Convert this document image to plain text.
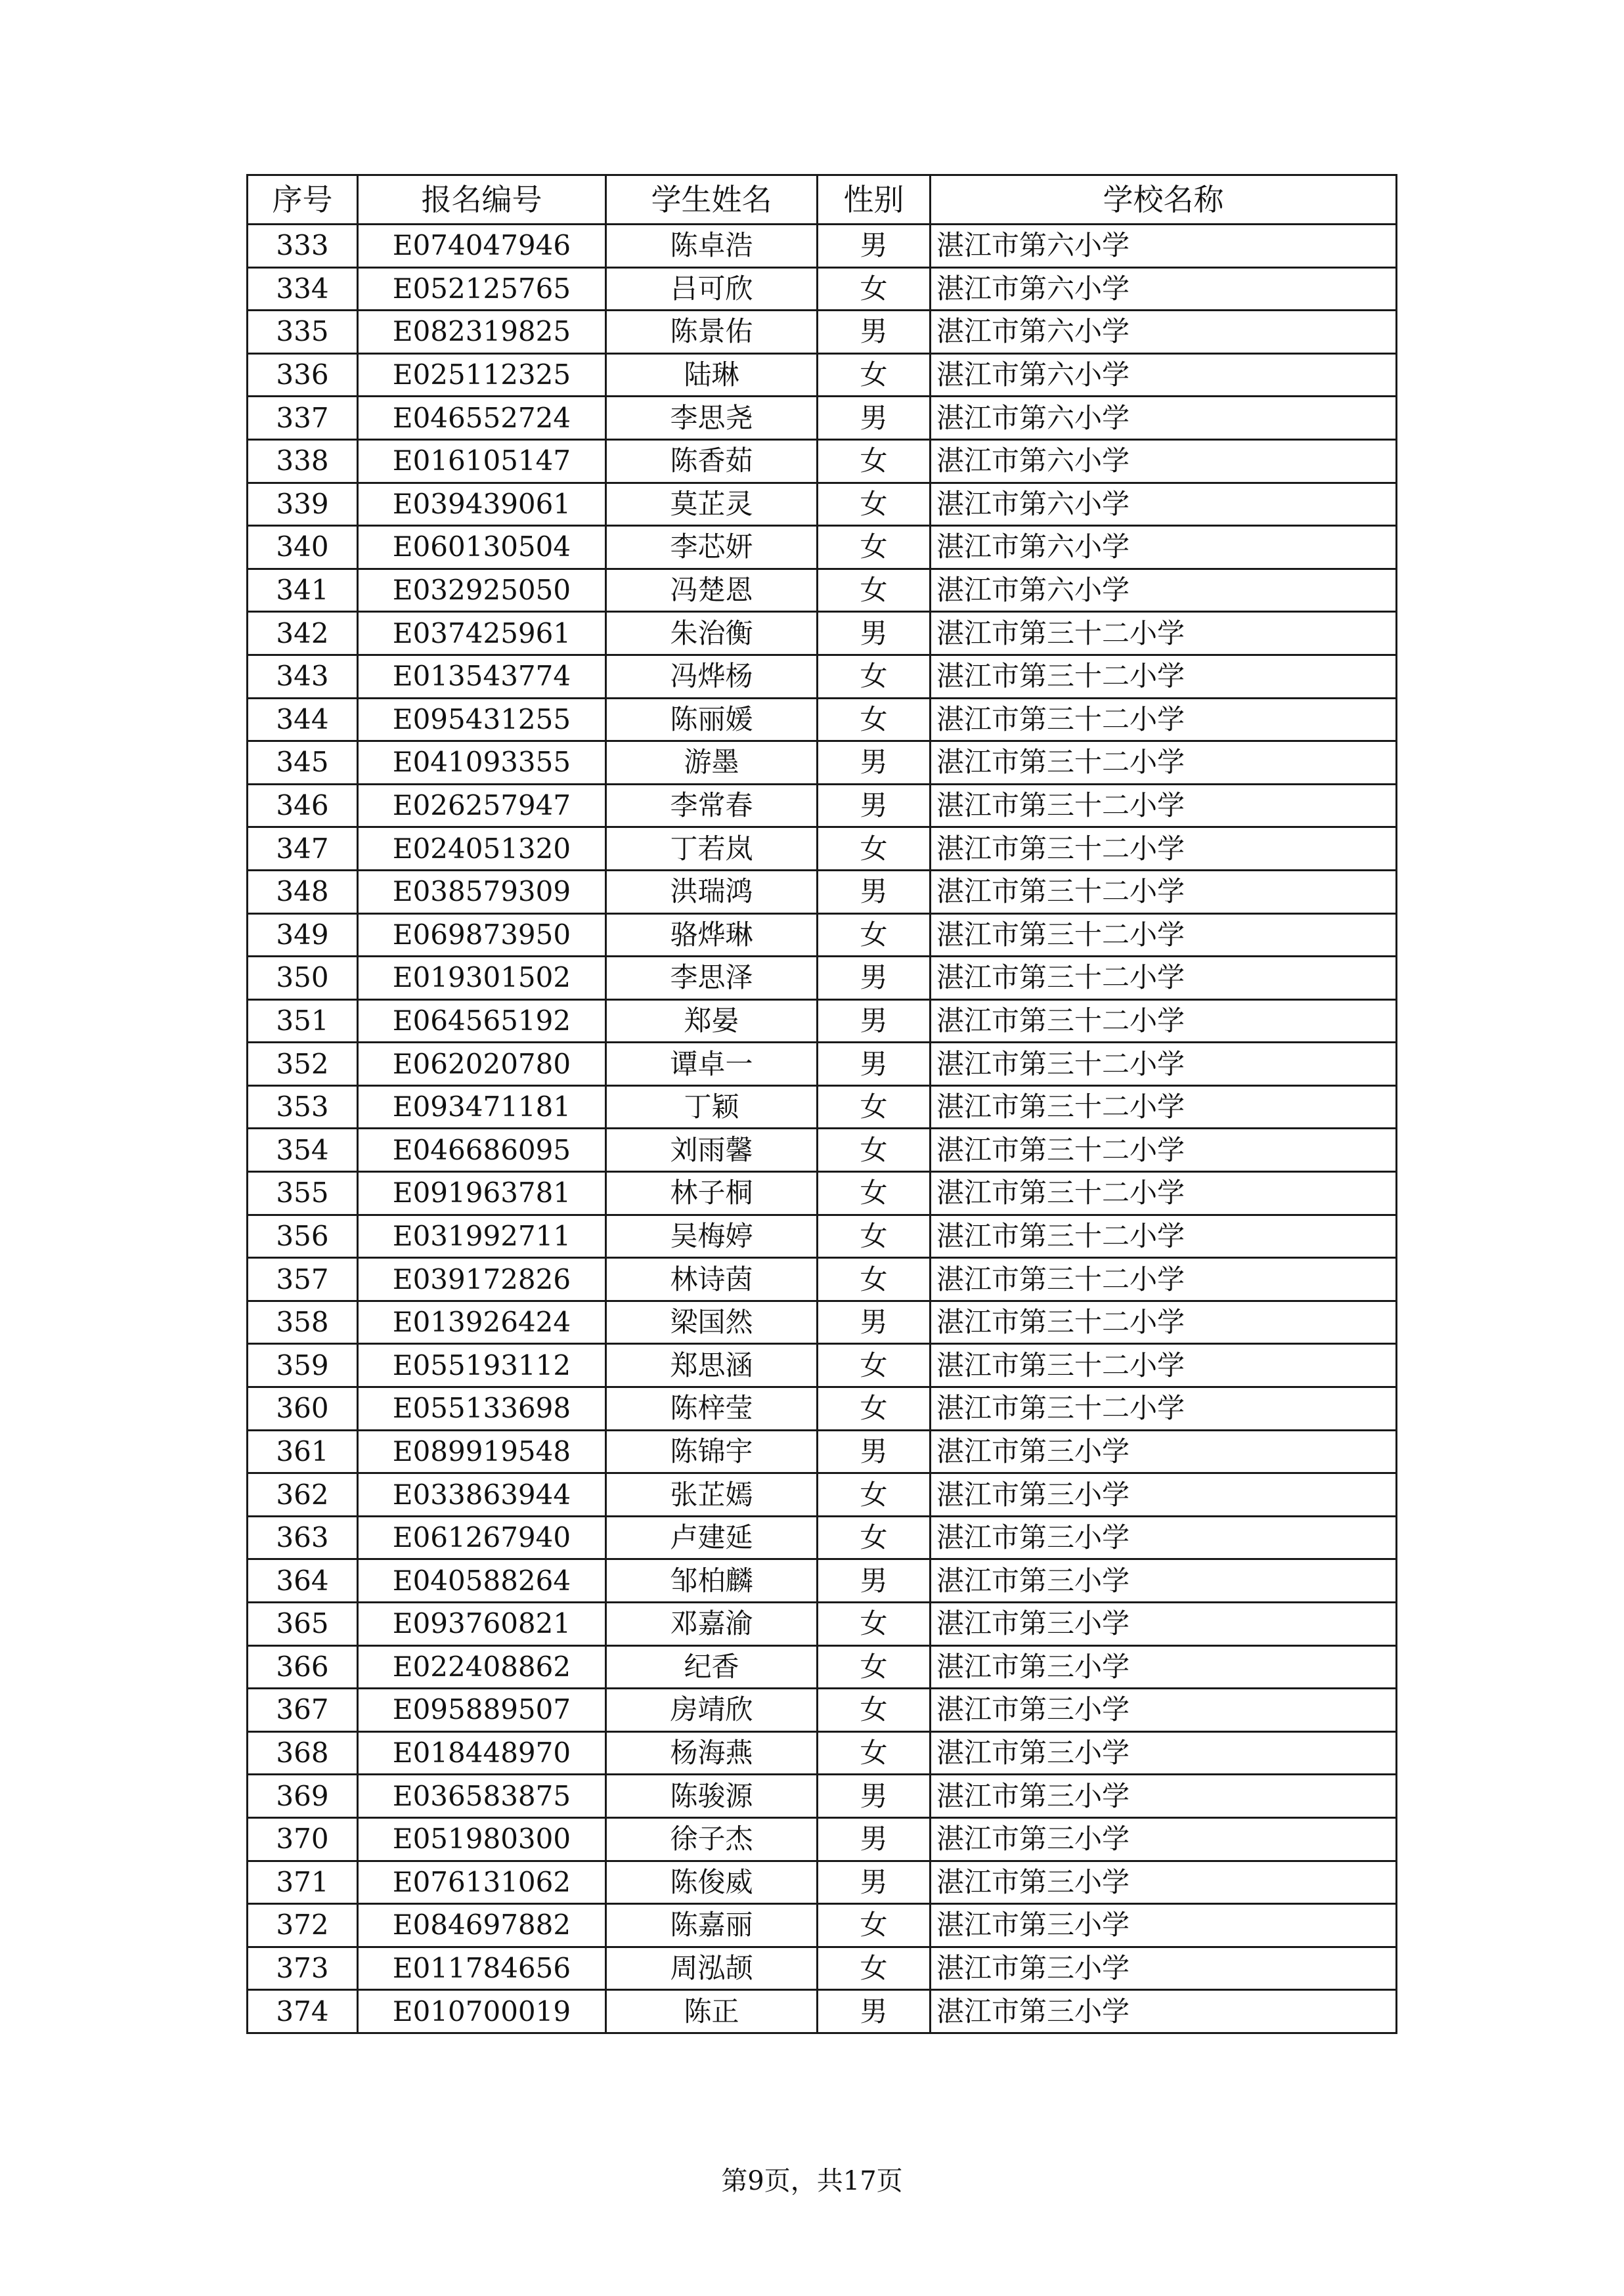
序号	报名编号	学生姓名	性别	学校名称
333	E074047946	陈卓浩	男	湛江市第六小学
334	E052125765	吕可欣	女	湛江市第六小学
335	E082319825	陈景佑	男	湛江市第六小学
336	E025112325	陆琳	女	湛江市第六小学
337	E046552724	李思尧	男	湛江市第六小学
338	E016105147	陈香茹	女	湛江市第六小学
339	E039439061	莫芷灵	女	湛江市第六小学
340	E060130504	李芯妍	女	湛江市第六小学
341	E032925050	冯楚恩	女	湛江市第六小学
342	E037425961	朱治衡	男	湛江市第三十二小学
343	E013543774	冯烨杨	女	湛江市第三十二小学
344	E095431255	陈丽媛	女	湛江市第三十二小学
345	E041093355	游墨	男	湛江市第三十二小学
346	E026257947	李常春	男	湛江市第三十二小学
347	E024051320	丁若岚	女	湛江市第三十二小学
348	E038579309	洪瑞鸿	男	湛江市第三十二小学
349	E069873950	骆烨琳	女	湛江市第三十二小学
350	E019301502	李思泽	男	湛江市第三十二小学
351	E064565192	郑晏	男	湛江市第三十二小学
352	E062020780	谭卓一	男	湛江市第三十二小学
353	E093471181	丁颖	女	湛江市第三十二小学
354	E046686095	刘雨馨	女	湛江市第三十二小学
355	E091963781	林子桐	女	湛江市第三十二小学
356	E031992711	吴梅婷	女	湛江市第三十二小学
357	E039172826	林诗茵	女	湛江市第三十二小学
358	E013926424	梁国然	男	湛江市第三十二小学
359	E055193112	郑思涵	女	湛江市第三十二小学
360	E055133698	陈梓莹	女	湛江市第三十二小学
361	E089919548	陈锦宇	男	湛江市第三小学
362	E033863944	张芷嫣	女	湛江市第三小学
363	E061267940	卢建延	女	湛江市第三小学
364	E040588264	邹柏麟	男	湛江市第三小学
365	E093760821	邓嘉渝	女	湛江市第三小学
366	E022408862	纪香	女	湛江市第三小学
367	E095889507	房靖欣	女	湛江市第三小学
368	E018448970	杨海燕	女	湛江市第三小学
369	E036583875	陈骏源	男	湛江市第三小学
370	E051980300	徐子杰	男	湛江市第三小学
371	E076131062	陈俊威	男	湛江市第三小学
372	E084697882	陈嘉丽	女	湛江市第三小学
373	E011784656	周泓颉	女	湛江市第三小学
374	E010700019	陈正	男	湛江市第三小学
第9页，共17页
